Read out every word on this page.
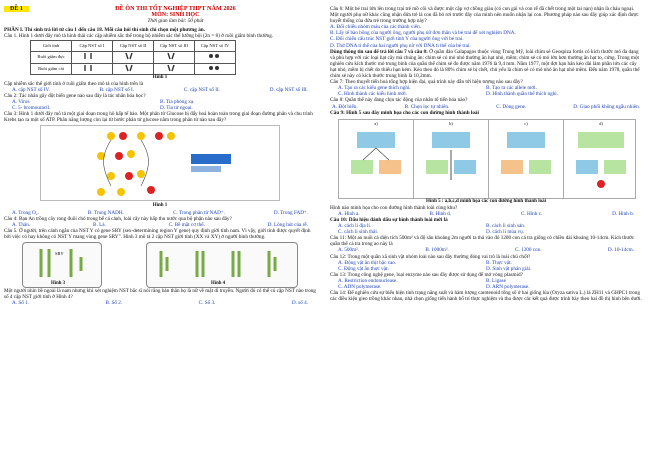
ĐỀ 1	ĐỀ ÔN THI TỐT NGHIỆP THPT NĂM 2026
MÔN: SINH HỌC
Thời gian làm bài: 50 phút

PHẦN I. Thí sinh trả lời từ câu 1 đến câu 18. Mỗi câu hỏi thí sinh chỉ chọn một phương án.

Câu 1. Hình 1 dưới đây mô tả hình thái các cặp nhiễm sắc thể trong bộ nhiễm sắc thể lưỡng bội (2n = 8) ở ruồi giấm bình thường.

Giới tính	Cặp NST số I	Cặp NST số II	Cặp NST số III	Cặp NST số IV
Ruồi giấm đực				
Ruồi giấm cái				
Hình 1

Cặp nhiễm sắc thể giới tính ở ruồi giấm theo mô tả của hình trên là

A. cặp NST số IV.	B. cặp NST số I.	C. cặp NST số II.	D. cặp NST số III.

Câu 2: Tác nhân gây đột biến gene nào sau đây là tác nhân hóa học?

A. Virus	B. Tia phóng xạ.
C. 5- bromouracil.	D. Tia tử ngoại.

Câu 3: Hình 1 dưới đây mô tả một giai đoạn trong hô hấp tế bào. Một phân tử Glucose bị đẩy hoá hoàn toàn trong giai đoạn đường phân và chu trình Krebs tạo ra một số ATP. Phân năng lượng còn lại từ bước phân tử glucose nằm trong phân tử nào sau đây?

Hình 1
A. Trong O₂.	B. Trong NADH.	C. Trong phân tử NAD⁺.	D. Trong FAD⁺.

Câu 4: Bạn An trồng cây rong đuôi chó trong bể cá cảnh, loài cây này hấp thu nước qua bộ phận nào sau đây?

A. Thân.	B. Lá.	C. Bề mặt cơ thể.	D. Lông hút của rễ.

Câu 5. Ở người, trên cánh ngắn của NST Y có gene SRY (sex-determining region Y gene) quy định giới tính nam. Vì vậy, giới tính được quyết định bởi việc có hay không có NST Y mang vùng gene SRY". Hình 3 mô tả 2 cặp NST giới tính (XX và XY) ở người bình thường.

SRY
Hình 3	Hình 4

Một người nhìn bề ngoài là nam nhưng khi xét nghiệm NST bắc sĩ nói rằng bản thân họ là nữ về mặt di truyền. Người đó có thể có cặp NST nào trong số 4 cặp NST giới tính ở Hình 4?

A. Số 1.	B. Số 2.	C. Số 3.	D. số 4.

Câu 6: Một bé trai lớn lên trong trại trẻ mồ côi và được một cặp vợ chồng giàu (có con gái và con rể đã chết trong một tai nạn) nhận là cháu ngoại. Một người phụ nữ khác cũng nhận đứa trẻ là con đã bỏ rơi trước đây của mình nên muốn nhận lại con. Phương pháp nào sau đây giúp xác định được huyết thống của đứa trẻ trong trường hợp này?

A. Đối chiếu nhóm máu của các thành viên.

B. Lấy tế bào bông của người ông, người phụ nữ đơn thân và bé trai để xét nghiệm DNA.

C. Đối chiếu cấu trúc NST giới tính Y của người ông với bé trai.

D. Thử DNA ti thể của hai người phụ nữ với DNA ti thể của bé trai.

Dùng thông tin sau để trả lời câu 7 và câu 8: Ở quần đảo Galapagos thuộc vùng Trung Mỹ, loài chim sẻ Geospiza fortis có kích thước mỏ đa dạng và phù hợp với các loại hạt cây mà chúng ăn: chim sẻ có mỏ nhỏ thường ăn hạt nhỏ, mềm; chim sẻ có mỏ lớn hơn thường ăn hạt to, cứng. Trong một nghiên cứu kích thước mỏ trung bình của quần thể chim sẻ đo được năm 1976 là 9,4 mm. Năm 1977, một đợt hạn hán kéo dài làm phần lớn các cây hạt nhỏ, mềm bị chết do thiếu hạn kém. Kéo theo đó là 80% chim sẻ bị chết, chủ yếu là chim sẻ có mỏ nhỏ ăn hạt nhỏ mềm. Đến năm 1978, quần thể chim sẻ này có kích thước trung bình là 10,2mm.

Câu 7: Theo thuyết tiến hoá tổng hợp hiện đại, quá trình này dẫn tới hiện tượng nào sau đây?

A. Tạo ra các kiểu gene thích nghi.	B. Tạo ra các allele mới.
C. Hình thành các kiểu hình mới.	D. Hình thành quần thể thích nghi.

Câu 8: Quần thể này đang chịu tác động của nhân tố tiến hóa nào?

A. Đột biến.	B. Chọn lọc tự nhiên.	C. Dòng gene.	D. Giao phối không ngẫu nhiên.

Câu 9: Hình 5 sau đây minh họa cho các con đường hình thành loài

a)	b)	c)	d)
Hình 5 : a,b,c,d minh họa các con đường hình thành loài

Hình nào minh họa cho con đường hình thành loài cùng khu?

A. Hình a.	B. Hình d.	C. Hình c.	D. Hình b.

Câu 10: Dấu hiệu đánh dấu sự hình thành loài mới là

A. cách li địa lí.	B. cách li sinh sản.
C. cách li sinh thái.	D. cách li mùa vụ.

Câu 11: Một ao nuôi cá diện tích 500m² và độ sâu khoảng 2m người ta thả vào đó 1200 con cá tra giống có chiều dài khoảng 10-14cm. Kích thước quần thể cá tra trong ao này là

A. 500m².	B. 1000m³.	C. 1200 con.	D. 10-14cm.

Câu 12: Trong một quần xã sinh vật nhóm loài nào sau đây thường đóng vai trò là loài chủ chốt?

A. Động vật ăn thịt bậc cao.	B. Thực vật.
C. Động vật ăn thực vật.	D. Sinh vật phân giải.

Câu 13: Trong công nghệ gene, loại enzyme nào sau đây được sử dụng để mở vòng plasmid?

A. Restriction endonuclease.	B. Ligase
C. ADN polymerase.	D. ARN polymerase.

Câu 14: Để nghiên cứu sự biểu hiện tính trạng năng suất và hàm lượng carotenoid tổng số ở hai giống lúa (Oryza sativa L.) là ZH11 và GHPC1 trong các điều kiện gieo trồng khác nhau, nhà chọn giống tiến hành bố trí thực nghiệm và thu được các kết quả được trình bày theo hai đồ thị hình bên dưới.
